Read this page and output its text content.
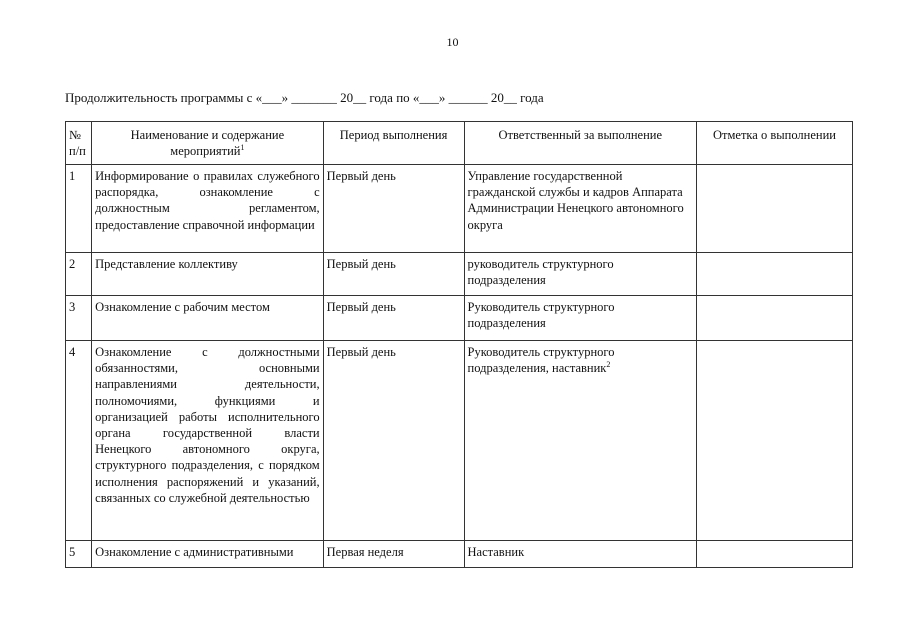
10
Продолжительность программы с «___» _______ 20__ года по «___» ______ 20__ года
№ п/п	Наименование и содержание мероприятий$^1$	Период выполнения	Ответственный за выполнение	Отметка о выполнении
1	Информирование о правилах служебного распорядка, ознакомление с должностным регламентом, предоставление справочной информации	Первый день	Управление государственной гражданской службы и кадров Аппарата Администрации Ненецкого автономного округа	
2	Представление коллективу	Первый день	руководитель структурного подразделения	
3	Ознакомление с рабочим местом	Первый день	Руководитель структурного подразделения	
4	Ознакомление с должностными обязанностями, основными направлениями деятельности, полномочиями, функциями и организацией работы исполнительного органа государственной власти Ненецкого автономного округа, структурного подразделения, с порядком исполнения распоряжений и указаний, связанных со служебной деятельностью	Первый день	Руководитель структурного подразделения, наставник$^2$	
5	Ознакомление с административными	Первая неделя	Наставник	
